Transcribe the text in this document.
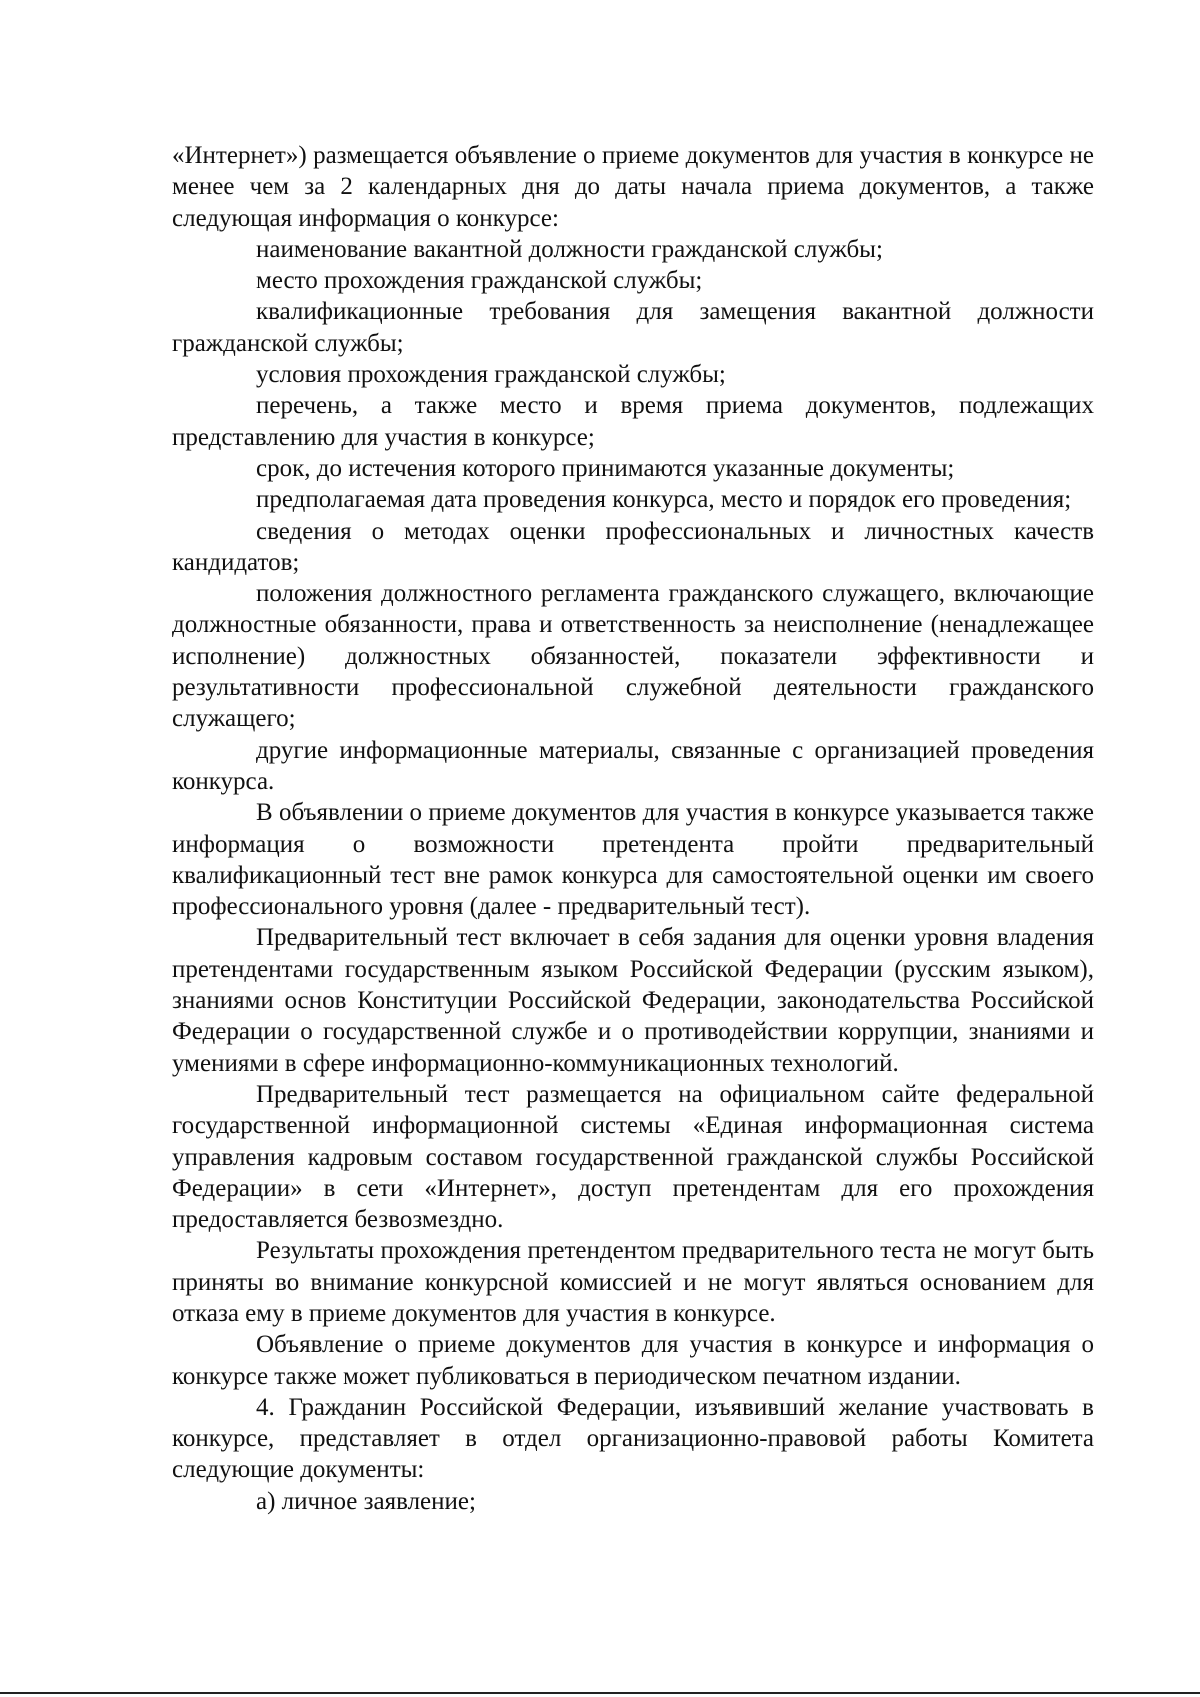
«Интернет») размещается объявление о приеме документов для участия в конкурсе не менее чем за 2 календарных дня до даты начала приема документов, а также следующая информация о конкурсе:

наименование вакантной должности гражданской службы;

место прохождения гражданской службы;

квалификационные требования для замещения вакантной должности гражданской службы;

условия прохождения гражданской службы;

перечень, а также место и время приема документов, подлежащих представлению для участия в конкурсе;

срок, до истечения которого принимаются указанные документы;

предполагаемая дата проведения конкурса, место и порядок его проведения;

сведения о методах оценки профессиональных и личностных качеств кандидатов;

положения должностного регламента гражданского служащего, включающие должностные обязанности, права и ответственность за неисполнение (ненадлежащее исполнение) должностных обязанностей, показатели эффективности и результативности профессиональной служебной деятельности гражданского служащего;

другие информационные материалы, связанные с организацией проведения конкурса.

В объявлении о приеме документов для участия в конкурсе указывается также информация о возможности претендента пройти предварительный квалификационный тест вне рамок конкурса для самостоятельной оценки им своего профессионального уровня (далее - предварительный тест).

Предварительный тест включает в себя задания для оценки уровня владения претендентами государственным языком Российской Федерации (русским языком), знаниями основ Конституции Российской Федерации, законодательства Российской Федерации о государственной службе и о противодействии коррупции, знаниями и умениями в сфере информационно-коммуникационных технологий.

Предварительный тест размещается на официальном сайте федеральной государственной информационной системы «Единая информационная система управления кадровым составом государственной гражданской службы Российской Федерации» в сети «Интернет», доступ претендентам для его прохождения предоставляется безвозмездно.

Результаты прохождения претендентом предварительного теста не могут быть приняты во внимание конкурсной комиссией и не могут являться основанием для отказа ему в приеме документов для участия в конкурсе.

Объявление о приеме документов для участия в конкурсе и информация о конкурсе также может публиковаться в периодическом печатном издании.

4. Гражданин Российской Федерации, изъявивший желание участвовать в конкурсе, представляет в отдел организационно-правовой работы Комитета следующие документы:

а) личное заявление;
